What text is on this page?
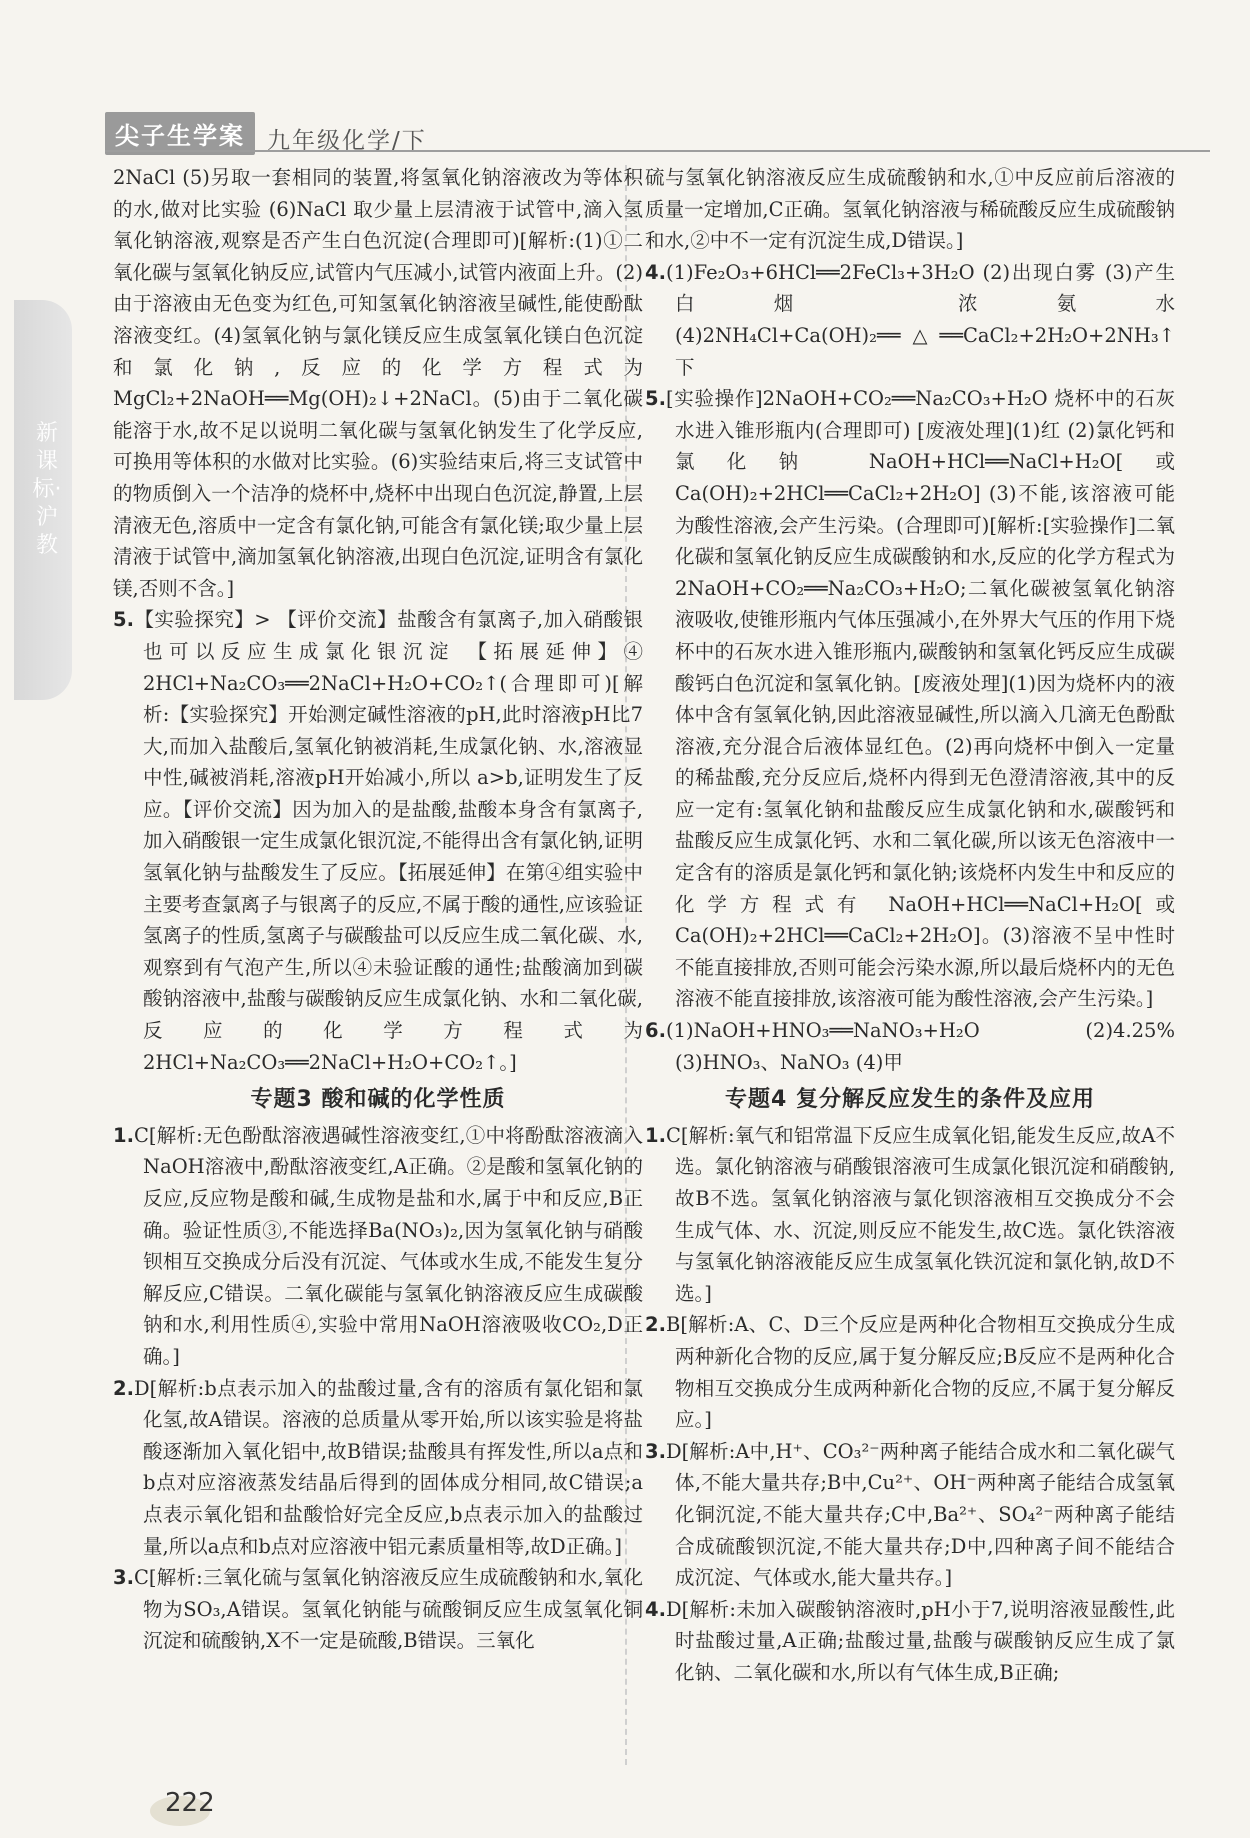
尖子生学案 九年级化学/下
新课标·沪教

2NaCl (5)另取一套相同的装置,将氢氧化钠溶液改为等体积的水,做对比实验 (6)NaCl 取少量上层清液于试管中,滴入氢氧化钠溶液,观察是否产生白色沉淀(合理即可)[解析:(1)①二氧化碳与氢氧化钠反应,试管内气压减小,试管内液面上升。(2)由于溶液由无色变为红色,可知氢氧化钠溶液呈碱性,能使酚酞溶液变红。(4)氢氧化钠与氯化镁反应生成氢氧化镁白色沉淀和氯化钠,反应的化学方程式为 MgCl₂+2NaOH══Mg(OH)₂↓+2NaCl。(5)由于二氧化碳能溶于水,故不足以说明二氧化碳与氢氧化钠发生了化学反应,可换用等体积的水做对比实验。(6)实验结束后,将三支试管中的物质倒入一个洁净的烧杯中,烧杯中出现白色沉淀,静置,上层清液无色,溶质中一定含有氯化钠,可能含有氯化镁;取少量上层清液于试管中,滴加氢氧化钠溶液,出现白色沉淀,证明含有氯化镁,否则不含。]

5.【实验探究】> 【评价交流】盐酸含有氯离子,加入硝酸银也可以反应生成氯化银沉淀 【拓展延伸】④ 2HCl+Na₂CO₃══2NaCl+H₂O+CO₂↑(合理即可)[解析:【实验探究】开始测定碱性溶液的pH,此时溶液pH比7大,而加入盐酸后,氢氧化钠被消耗,生成氯化钠、水,溶液显中性,碱被消耗,溶液pH开始减小,所以 a>b,证明发生了反应。【评价交流】因为加入的是盐酸,盐酸本身含有氯离子,加入硝酸银一定生成氯化银沉淀,不能得出含有氯化钠,证明氢氧化钠与盐酸发生了反应。【拓展延伸】在第④组实验中主要考查氯离子与银离子的反应,不属于酸的通性,应该验证氢离子的性质,氢离子与碳酸盐可以反应生成二氧化碳、水,观察到有气泡产生,所以④未验证酸的通性;盐酸滴加到碳酸钠溶液中,盐酸与碳酸钠反应生成氯化钠、水和二氧化碳,反应的化学方程式为 2HCl+Na₂CO₃══2NaCl+H₂O+CO₂↑。]

专题3 酸和碱的化学性质

1.C[解析:无色酚酞溶液遇碱性溶液变红,①中将酚酞溶液滴入NaOH溶液中,酚酞溶液变红,A正确。②是酸和氢氧化钠的反应,反应物是酸和碱,生成物是盐和水,属于中和反应,B正确。验证性质③,不能选择Ba(NO₃)₂,因为氢氧化钠与硝酸钡相互交换成分后没有沉淀、气体或水生成,不能发生复分解反应,C错误。二氧化碳能与氢氧化钠溶液反应生成碳酸钠和水,利用性质④,实验中常用NaOH溶液吸收CO₂,D正确。]

2.D[解析:b点表示加入的盐酸过量,含有的溶质有氯化铝和氯化氢,故A错误。溶液的总质量从零开始,所以该实验是将盐酸逐渐加入氧化铝中,故B错误;盐酸具有挥发性,所以a点和b点对应溶液蒸发结晶后得到的固体成分相同,故C错误;a点表示氧化铝和盐酸恰好完全反应,b点表示加入的盐酸过量,所以a点和b点对应溶液中铝元素质量相等,故D正确。]

3.C[解析:三氧化硫与氢氧化钠溶液反应生成硫酸钠和水,氧化物为SO₃,A错误。氢氧化钠能与硫酸铜反应生成氢氧化铜沉淀和硫酸钠,X不一定是硫酸,B错误。三氧化

硫与氢氧化钠溶液反应生成硫酸钠和水,①中反应前后溶液的质量一定增加,C正确。氢氧化钠溶液与稀硫酸反应生成硫酸钠和水,②中不一定有沉淀生成,D错误。]

4.(1)Fe₂O₃+6HCl══2FeCl₃+3H₂O (2)出现白雾 (3)产生白烟 浓氨水 (4)2NH₄Cl+Ca(OH)₂══△══CaCl₂+2H₂O+2NH₃↑ 下

5.[实验操作]2NaOH+CO₂══Na₂CO₃+H₂O 烧杯中的石灰水进入锥形瓶内(合理即可) [废液处理](1)红 (2)氯化钙和氯化钠 NaOH+HCl══NaCl+H₂O[或Ca(OH)₂+2HCl══CaCl₂+2H₂O] (3)不能,该溶液可能为酸性溶液,会产生污染。(合理即可)[解析:[实验操作]二氧化碳和氢氧化钠反应生成碳酸钠和水,反应的化学方程式为 2NaOH+CO₂══Na₂CO₃+H₂O;二氧化碳被氢氧化钠溶液吸收,使锥形瓶内气体压强减小,在外界大气压的作用下烧杯中的石灰水进入锥形瓶内,碳酸钠和氢氧化钙反应生成碳酸钙白色沉淀和氢氧化钠。[废液处理](1)因为烧杯内的液体中含有氢氧化钠,因此溶液显碱性,所以滴入几滴无色酚酞溶液,充分混合后液体显红色。(2)再向烧杯中倒入一定量的稀盐酸,充分反应后,烧杯内得到无色澄清溶液,其中的反应一定有:氢氧化钠和盐酸反应生成氯化钠和水,碳酸钙和盐酸反应生成氯化钙、水和二氧化碳,所以该无色溶液中一定含有的溶质是氯化钙和氯化钠;该烧杯内发生中和反应的化学方程式有 NaOH+HCl══NaCl+H₂O[或 Ca(OH)₂+2HCl══CaCl₂+2H₂O]。(3)溶液不呈中性时不能直接排放,否则可能会污染水源,所以最后烧杯内的无色溶液不能直接排放,该溶液可能为酸性溶液,会产生污染。]

6.(1)NaOH+HNO₃══NaNO₃+H₂O (2)4.25% (3)HNO₃、NaNO₃ (4)甲

专题4 复分解反应发生的条件及应用

1.C[解析:氧气和铝常温下反应生成氧化铝,能发生反应,故A不选。氯化钠溶液与硝酸银溶液可生成氯化银沉淀和硝酸钠,故B不选。氢氧化钠溶液与氯化钡溶液相互交换成分不会生成气体、水、沉淀,则反应不能发生,故C选。氯化铁溶液与氢氧化钠溶液能反应生成氢氧化铁沉淀和氯化钠,故D不选。]

2.B[解析:A、C、D三个反应是两种化合物相互交换成分生成两种新化合物的反应,属于复分解反应;B反应不是两种化合物相互交换成分生成两种新化合物的反应,不属于复分解反应。]

3.D[解析:A中,H⁺、CO₃²⁻两种离子能结合成水和二氧化碳气体,不能大量共存;B中,Cu²⁺、OH⁻两种离子能结合成氢氧化铜沉淀,不能大量共存;C中,Ba²⁺、SO₄²⁻两种离子能结合成硫酸钡沉淀,不能大量共存;D中,四种离子间不能结合成沉淀、气体或水,能大量共存。]

4.D[解析:未加入碳酸钠溶液时,pH小于7,说明溶液显酸性,此时盐酸过量,A正确;盐酸过量,盐酸与碳酸钠反应生成了氯化钠、二氧化碳和水,所以有气体生成,B正确;

222
